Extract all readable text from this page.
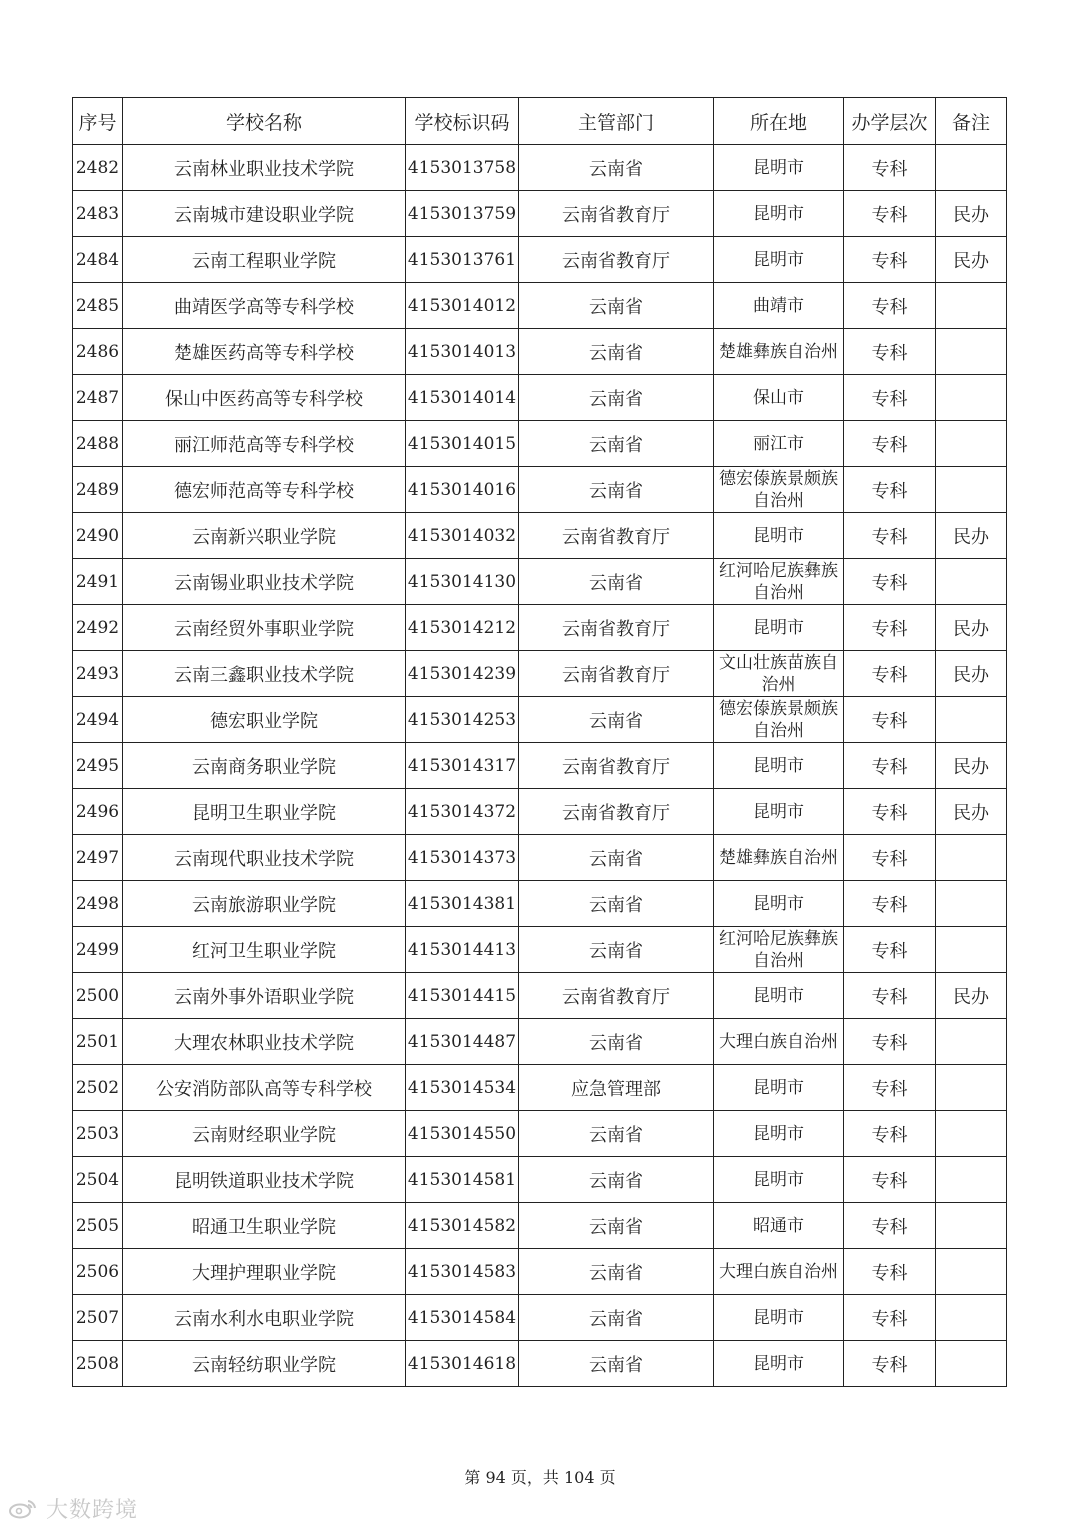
序号	学校名称	学校标识码	主管部门	所在地	办学层次	备注
2482	云南林业职业技术学院	4153013758	云南省	昆明市	专科	
2483	云南城市建设职业学院	4153013759	云南省教育厅	昆明市	专科	民办
2484	云南工程职业学院	4153013761	云南省教育厅	昆明市	专科	民办
2485	曲靖医学高等专科学校	4153014012	云南省	曲靖市	专科	
2486	楚雄医药高等专科学校	4153014013	云南省	楚雄彝族自治州	专科	
2487	保山中医药高等专科学校	4153014014	云南省	保山市	专科	
2488	丽江师范高等专科学校	4153014015	云南省	丽江市	专科	
2489	德宏师范高等专科学校	4153014016	云南省	德宏傣族景颇族自治州	专科	
2490	云南新兴职业学院	4153014032	云南省教育厅	昆明市	专科	民办
2491	云南锡业职业技术学院	4153014130	云南省	红河哈尼族彝族自治州	专科	
2492	云南经贸外事职业学院	4153014212	云南省教育厅	昆明市	专科	民办
2493	云南三鑫职业技术学院	4153014239	云南省教育厅	文山壮族苗族自治州	专科	民办
2494	德宏职业学院	4153014253	云南省	德宏傣族景颇族自治州	专科	
2495	云南商务职业学院	4153014317	云南省教育厅	昆明市	专科	民办
2496	昆明卫生职业学院	4153014372	云南省教育厅	昆明市	专科	民办
2497	云南现代职业技术学院	4153014373	云南省	楚雄彝族自治州	专科	
2498	云南旅游职业学院	4153014381	云南省	昆明市	专科	
2499	红河卫生职业学院	4153014413	云南省	红河哈尼族彝族自治州	专科	
2500	云南外事外语职业学院	4153014415	云南省教育厅	昆明市	专科	民办
2501	大理农林职业技术学院	4153014487	云南省	大理白族自治州	专科	
2502	公安消防部队高等专科学校	4153014534	应急管理部	昆明市	专科	
2503	云南财经职业学院	4153014550	云南省	昆明市	专科	
2504	昆明铁道职业技术学院	4153014581	云南省	昆明市	专科	
2505	昭通卫生职业学院	4153014582	云南省	昭通市	专科	
2506	大理护理职业学院	4153014583	云南省	大理白族自治州	专科	
2507	云南水利水电职业学院	4153014584	云南省	昆明市	专科	
2508	云南轻纺职业学院	4153014618	云南省	昆明市	专科	
第 94 页，共 104 页
大数跨境
